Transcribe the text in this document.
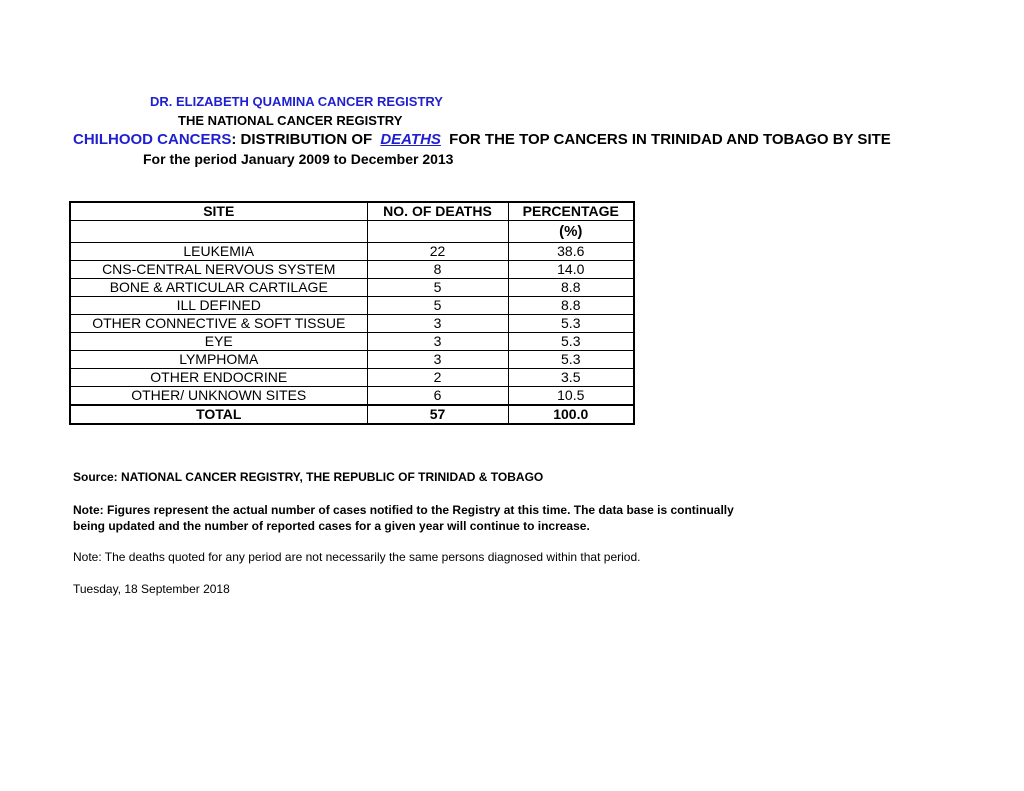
DR. ELIZABETH QUAMINA CANCER REGISTRY
THE NATIONAL CANCER REGISTRY
CHILHOOD CANCERS: DISTRIBUTION OF DEATHS FOR THE TOP CANCERS IN TRINIDAD AND TOBAGO BY SITE
For the period January 2009 to December 2013
SITE	NO. OF DEATHS	PERCENTAGE
		(%)
LEUKEMIA	22	38.6
CNS-CENTRAL NERVOUS SYSTEM	8	14.0
BONE & ARTICULAR CARTILAGE	5	8.8
ILL DEFINED	5	8.8
OTHER CONNECTIVE & SOFT TISSUE	3	5.3
EYE	3	5.3
LYMPHOMA	3	5.3
OTHER ENDOCRINE	2	3.5
OTHER/ UNKNOWN SITES	6	10.5
TOTAL	57	100.0
Source: NATIONAL CANCER REGISTRY, THE REPUBLIC OF TRINIDAD & TOBAGO
Note: Figures represent the actual number of cases notified to the Registry at this time. The data base is continually
being updated and the number of reported cases for a given year will continue to increase.
Note: The deaths quoted for any period are not necessarily the same persons diagnosed within that period.
Tuesday, 18 September 2018
